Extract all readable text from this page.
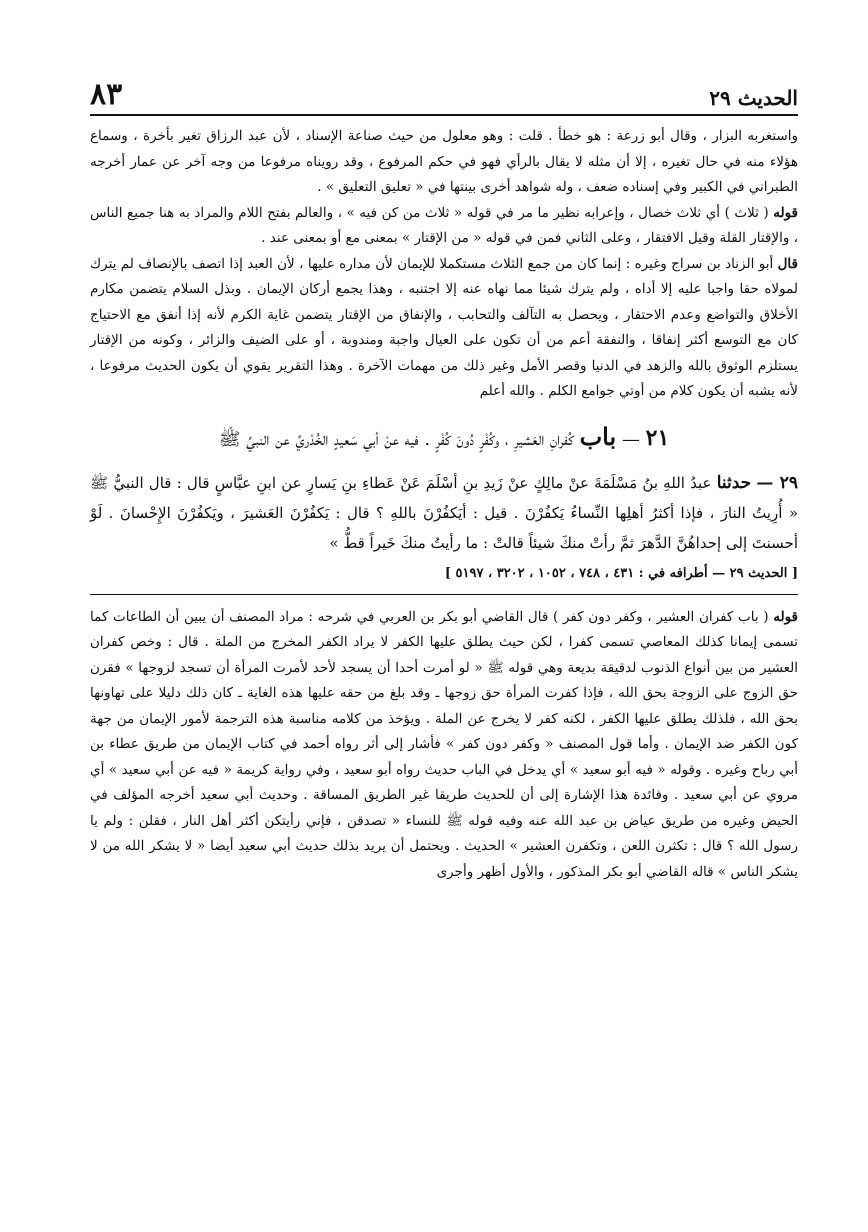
الحديث ٢٩
٨٣

واستغربه البزار ، وقال أبو زرعة : هو خطأ . قلت : وهو معلول من حيث صناعة الإسناد ، لأن عبد الرزاق تغير بأخرة ، وسماع هؤلاء منه في حال تغيره ، إلا أن مثله لا يقال بالرأي فهو في حكم المرفوع ، وقد رويناه مرفوعا من وجه آخر عن عمار أخرجه الطبراني في الكبير وفي إسناده ضعف ، وله شواهد أخرى بينتها في « تعليق التعليق » .

قوله ( ثلاث ) أي ثلاث خصال ، وإعرابه نظير ما مر في قوله « ثلاث من كن فيه » ، والعالم بفتح اللام والمراد به هنا جميع الناس ، والإقتار القلة وقيل الافتقار ، وعلى الثاني فمن في قوله « من الإقتار » بمعنى مع أو بمعنى عند .

قال أبو الزناد بن سراج وغيره : إنما كان من جمع الثلاث مستكملا للإيمان لأن مداره عليها ، لأن العبد إذا اتصف بالإنصاف لم يترك لمولاه حقا واجبا عليه إلا أداه ، ولم يترك شيئا مما نهاه عنه إلا اجتنبه ، وهذا يجمع أركان الإيمان . وبذل السلام يتضمن مكارم الأخلاق والتواضع وعدم الاحتقار ، ويحصل به التآلف والتحابب ، والإنفاق من الإقتار يتضمن غاية الكرم لأنه إذا أنفق مع الاحتياج كان مع التوسع أكثر إنفاقا ، والنفقة أعم من أن تكون على العيال واجبة ومندوبة ، أو على الضيف والزائر ، وكونه من الإقتار يستلزم الوثوق بالله والزهد في الدنيا وقصر الأمل وغير ذلك من مهمات الآخرة . وهذا التقرير يقوي أن يكون الحديث مرفوعا ، لأنه يشبه أن يكون كلام من أوتي جوامع الكلم . والله أعلم

٢١ — باب كُفرانِ العَشيرِ ، وكُفْرٍ دُونَ كُفْرٍ . فيه عنْ أبي سَعيدٍ الخُدْريِّ عن النبيِّ ﷺ

٢٩ — حدثنا عبدُ اللهِ بنُ مَسْلَمَةَ عنْ مالِكٍ عنْ زَيدِ بنِ أسْلَمَ عَنْ عَطاءِ بنِ يَسارٍ عن ابنِ عبَّاسٍ قال : قال النبيُّ ﷺ « أُرِيتُ النارَ ، فإذا أكثرُ أهلِها النِّساءُ يَكفُرْنَ . قيل : أيَكفُرْنَ باللهِ ؟ قال : يَكفُرْنَ العَشيرَ ، ويَكفُرْنَ الإِحْسانَ . لَوْ أحسنتَ إلى إحداهُنَّ الدَّهرَ ثمَّ رأتْ منكَ شيئاً قالتْ : ما رأيتُ منكَ خَيراً قطُّ »

[ الحديث ٢٩ — أطرافه في : ٤٣١ ، ٧٤٨ ، ١٠٥٢ ، ٣٢٠٢ ، ٥١٩٧ ]

قوله ( باب كفران العشير ، وكفر دون كفر ) قال القاضي أبو بكر بن العربي في شرحه : مراد المصنف أن يبين أن الطاعات كما تسمى إيمانا كذلك المعاصي تسمى كفرا ، لكن حيث يطلق عليها الكفر لا يراد الكفر المخرج من الملة . قال : وخص كفران العشير من بين أنواع الذنوب لدقيقة بديعة وهي قوله ﷺ « لو أمرت أحدا أن يسجد لأحد لأمرت المرأة أن تسجد لزوجها » فقرن حق الزوج على الزوجة بحق الله ، فإذا كفرت المرأة حق زوجها ـ وقد بلغ من حقه عليها هذه الغاية ـ كان ذلك دليلا على تهاونها بحق الله ، فلذلك يطلق عليها الكفر ، لكنه كفر لا يخرج عن الملة . ويؤخذ من كلامه مناسبة هذه الترجمة لأمور الإيمان من جهة كون الكفر ضد الإيمان . وأما قول المصنف « وكفر دون كفر » فأشار إلى أثر رواه أحمد في كتاب الإيمان من طريق عطاء بن أبي رباح وغيره . وقوله « فيه أبو سعيد » أي يدخل في الباب حديث رواه أبو سعيد ، وفي رواية كريمة « فيه عن أبي سعيد » أي مروي عن أبي سعيد . وفائدة هذا الإشارة إلى أن للحديث طريقا غير الطريق المساقة . وحديث أبي سعيد أخرجه المؤلف في الحيض وغيره من طريق عياض بن عبد الله عنه وفيه قوله ﷺ للنساء « تصدقن ، فإني رأيتكن أكثر أهل النار ، فقلن : ولم يا رسول الله ؟ قال : تكثرن اللعن ، وتكفرن العشير » الحديث . ويحتمل أن يريد بذلك حديث أبي سعيد أيضا « لا يشكر الله من لا يشكر الناس » قاله القاضي أبو بكر المذكور ، والأول أظهر وأجرى
